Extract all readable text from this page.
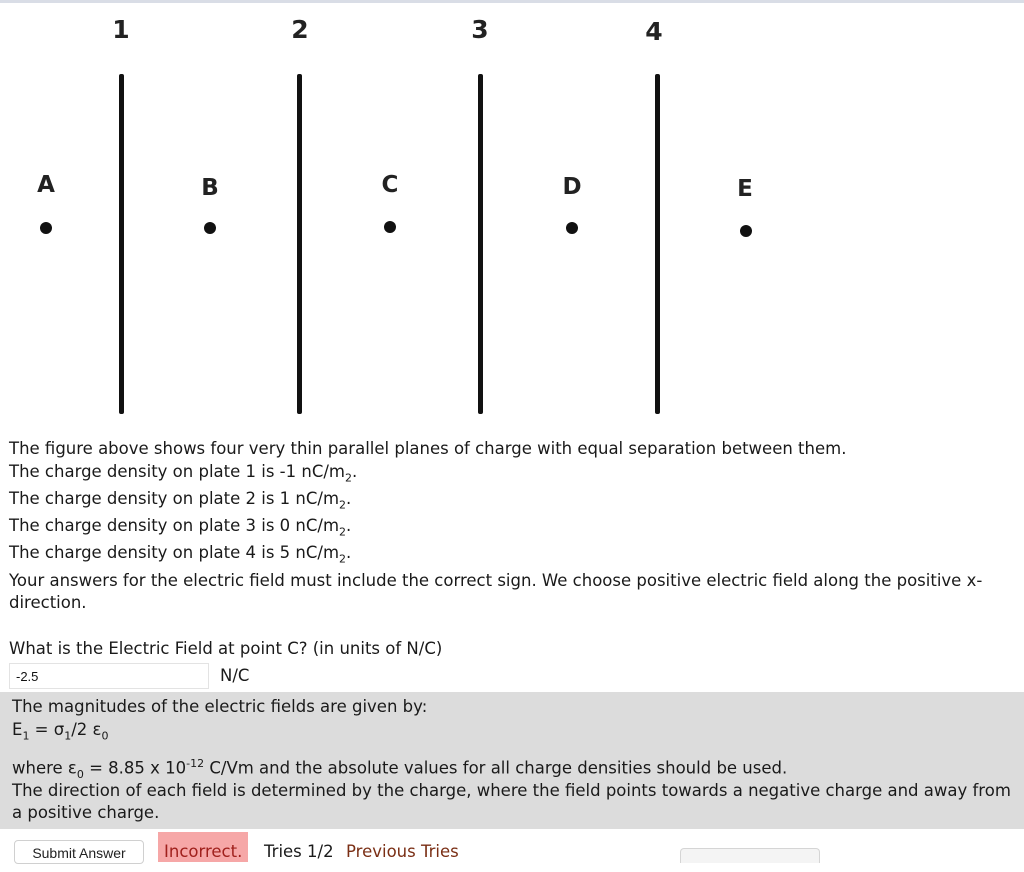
1	2	3	4
A	B	C	D	E
The figure above shows four very thin parallel planes of charge with equal separation between them.
The charge density on plate 1 is -1 $nC/m_2$.
The charge density on plate 2 is 1 $nC/m_2$.
The charge density on plate 3 is 0 $nC/m_2$.
The charge density on plate 4 is 5 $nC/m_2$.
Your answers for the electric field must include the correct sign. We choose positive electric field along the positive x-direction.
What is the Electric Field at point C? (in units of N/C)
-2.5
N/C
The magnitudes of the electric fields are given by:
$E_1 = \sigma_1/2$ $\varepsilon_0$
where $\varepsilon_0 = 8.85$ x $10^{-12}$ C/Vm and the absolute values for all charge densities should be used.
The direction of each field is determined by the charge, where the field points towards a negative charge and away from a positive charge.
Submit Answer	Incorrect.	Tries 1/2 Previous Tries
